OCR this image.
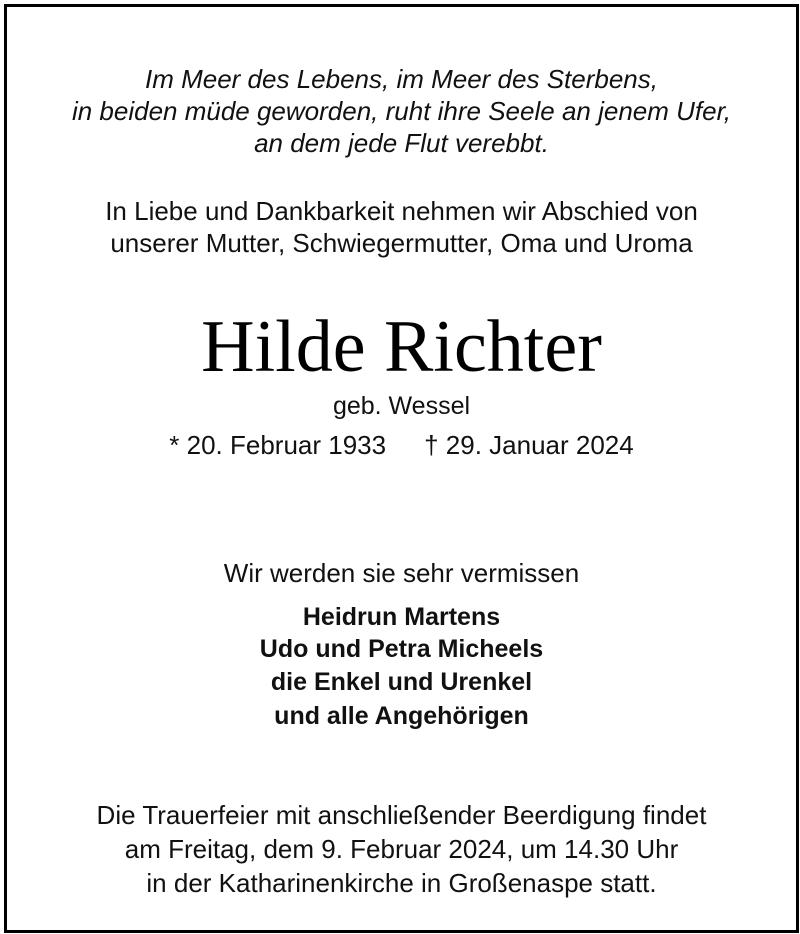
Im Meer des Lebens, im Meer des Sterbens,

in beiden müde geworden, ruht ihre Seele an jenem Ufer,

an dem jede Flut verebbt.

In Liebe und Dankbarkeit nehmen wir Abschied von

unserer Mutter, Schwiegermutter, Oma und Uroma

Hilde Richter

geb. Wessel

* 20. Februar 1933 † 29. Januar 2024

Wir werden sie sehr vermissen

Heidrun Martens

Udo und Petra Micheels

die Enkel und Urenkel

und alle Angehörigen

Die Trauerfeier mit anschließender Beerdigung findet

am Freitag, dem 9. Februar 2024, um 14.30 Uhr

in der Katharinenkirche in Großenaspe statt.
